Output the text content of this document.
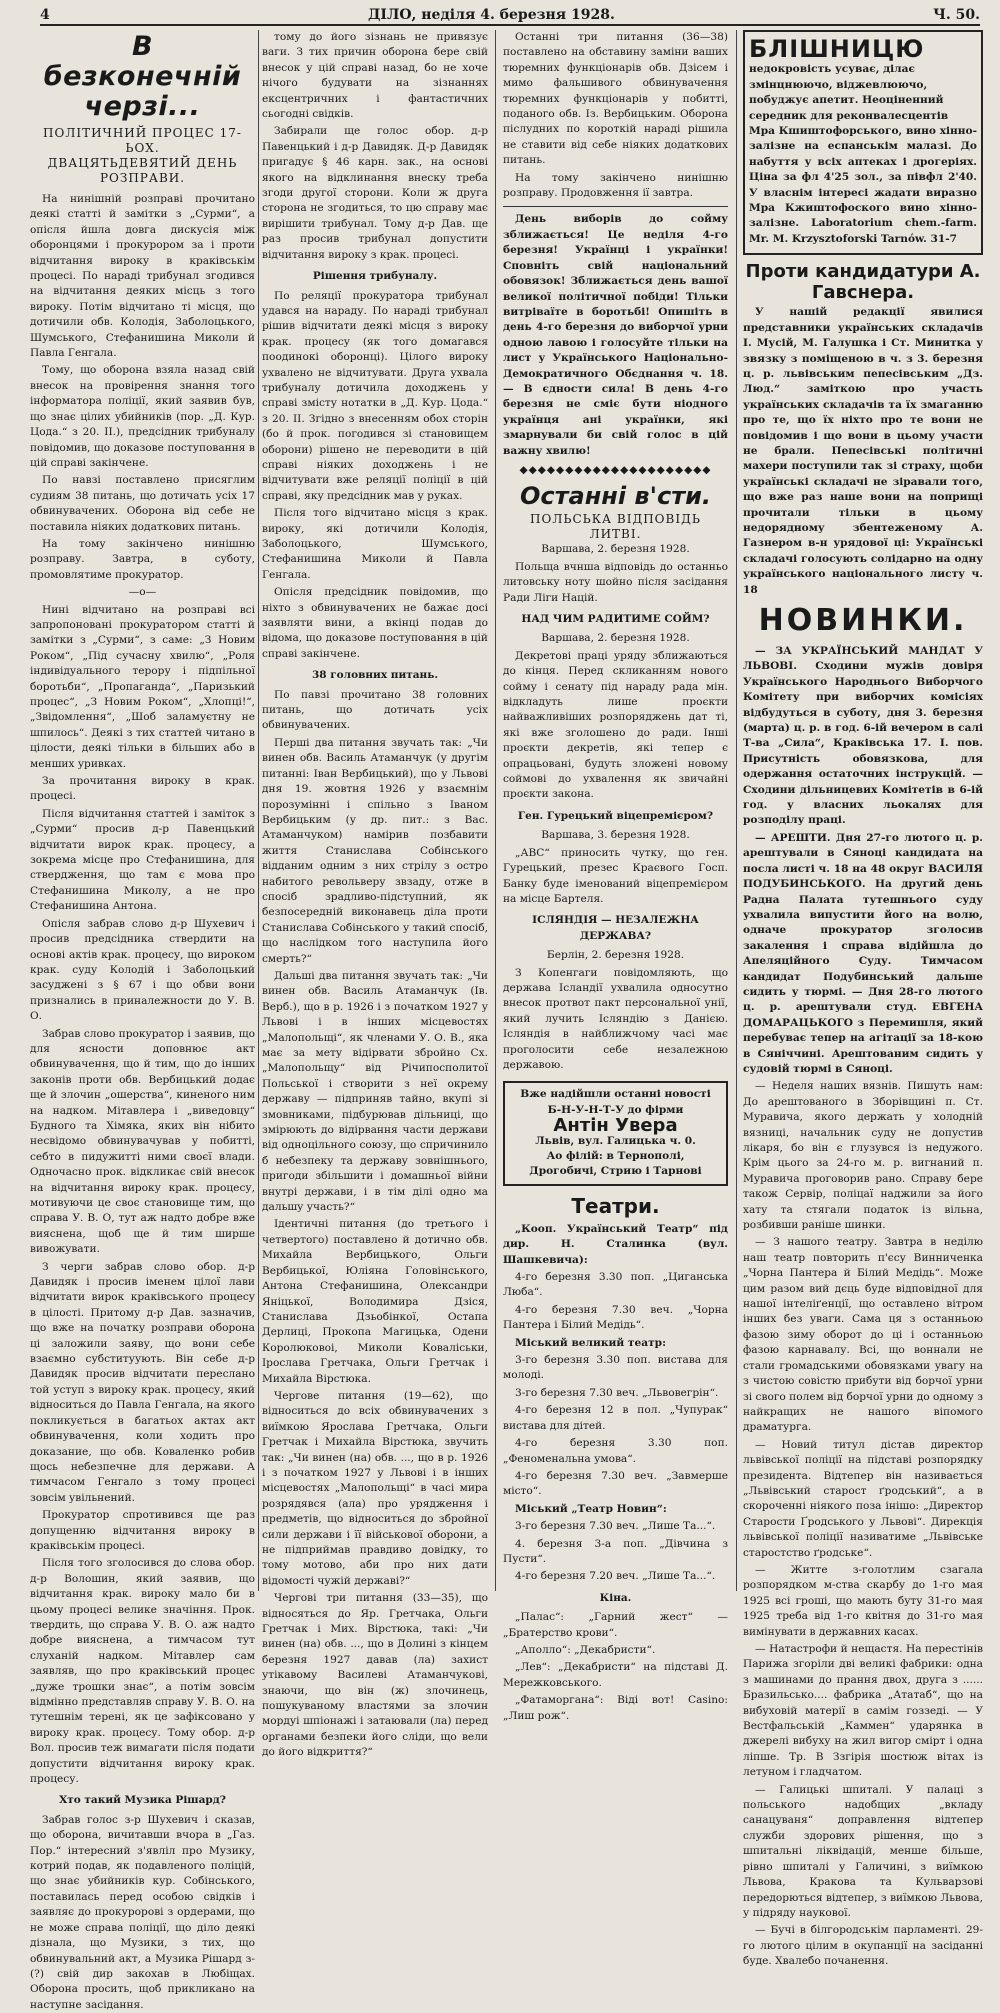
4	ДІЛО, неділя 4. березня 1928.	Ч. 50.
В безконечній черзі...
ПОЛІТИЧНИЙ ПРОЦЕС 17-ЬОХ.
ДВАЦЯТЬДЕВЯТИЙ ДЕНЬ РОЗПРАВИ.

На нинішній розправі прочитано деякі статті й замітки з „Сурми“, а опісля йшла довга дискусія між оборонцями і прокурором за і проти відчитання вироку в краківськім процесі. По нараді трибунал згодився на відчитання деяких місць з того вироку. Потім відчитано ті місця, що дотичили обв. Колодія, Заболоцького, Шумського, Стефанишина Миколи й Павла Генгала.

Тому, що оборона взяла назад свій внесок на провірення знання того інформатора поліції, який заявив був, що знає цілих убийників (пор. „Д. Кур. Цода.“ з 20. II.), предсідник трибуналу повідомив, що доказове поступовання в цій справі закінчене.

По навзі поставлено присяглим судиям 38 питань, що дотичать усіх 17 обвинувачених. Оборона від себе не поставила ніяких додаткових питань.

На тому закінчено нинішню розправу. Завтра, в суботу, промовлятиме прокуратор.

—о—

Нині відчитано на розправі всі запропоновані прокуратором статті й замітки з „Сурми“, з саме: „З Новим Роком“, „Під сучасну хвилю“, „Роля індивідуального терору і підпільної боротьби“, „Пропаганда“, „Паризький процес“, „З Новим Роком“, „Хлопці!“, „Звідомлення“, „Шоб заламуєтну не шпилось“. Деякі з тих статтей читано в цілости, деякі тільки в більших або в менших уривках.

За прочитання вироку в крак. процесі.

Після відчитання статтей і заміток з „Сурми“ просив д-р Павенцький відчитати вирок крак. процесу, а зокрема місце про Стефанишина, для ствердження, що там є мова про Стефанишина Миколу, а не про Стефанишина Антона.

Опісля забрав слово д-р Шухевич і просив предсідника ствердити на основі актів крак. процесу, що вироком крак. суду Колодій і Заболоцький засуджені з § 67 і що обви вони признались в приналежности до У. В. О.

Забрав слово прокуратор і заявив, що для ясности доповнює акт обвинувачення, що й тим, що до інших законів проти обв. Вербицький додає ще й злочин „ошерства“, киненого ним на надком. Мітавлера і „виведовцу“ Будного та Хімяка, яких він нібито несвідомо обвинувачував у побитті, себто в пидужитті ними своєї влади. Одночасно прок. відкликає свій внесок на відчитання вироку крак. процесу, мотивуючи це своє становище тим, що справа У. В. О, тут аж надто добре вже вияснена, щоб ще й тим ширше вивожувати.

З черги забрав слово обор. д-р Давидяк і просив іменем цілої лави відчитати вирок краківського процесу в цілості. Притому д-р Дав. зазначив, що вже на початку розправи оборона ці заложили заяву, що вони себе взаємно субституують. Він себе д-р Давидяк просив відчитати переслано той уступ з вироку крак. процесу, який відноситься до Павла Генгала, на якого покликується в багатьох актах акт обвинувачення, коли ходить про доказание, що обв. Коваленко робив щось небезпечне для держави. А тимчасом Генгало з тому процесі зовсім увільнений.

Прокуратор спротивився ще раз допущенню відчитання вироку в краківськім процесі.

Після того зголосився до слова обор. д-р Волошин, який заявив, що відчитання крак. вироку мало би в цьому процесі велике значіння. Прок. твердить, що справа У. В. О. аж надто добре вияснена, а тимчасом тут слуханій надком. Мітавлер сам заявляв, що про краківський процес „дуже трошки знає“, а потім зовсім відмінно представляв справу У. В. О. на тутешнім терені, як це зафіксовано у вироку крак. процесу. Тому обор. д-р Вол. просив теж вимагати після подати допустити відчитання вироку крак. процесу.

Хто такий Музика Рішард?

Забрав голос з-р Шухевич і сказав, що оборона, вичитавши вчора в „Газ. Пор.“ інтересний з'явліл про Музику, котрий подав, як подавленого поліцій, що знає убийників кур. Собінського, поставилась перед особою свідків і заявляє до прокуророві з ордерами, що не може справа поліції, що діло деякі дізнала, що Музики, з тих, що обвинувальний акт, а Музика Рішард з-(?) свій дир закохав в Любіщах. Оборона просить, щоб прикликано на наступне засідання.

тому до його зізнань не привязує ваги. З тих причин оборона бере свій внесок у цій справі назад, бо не хоче нічого будувати на зізнаннях ексцентричних і фантастичних сьогодні свідків.

Забирали ще голос обор. д-р Павенцький і д-р Давидяк. Д-р Давидяк пригадує § 46 карн. зак., на основі якого на відклинання внеску треба згоди другої сторони. Коли ж друга сторона не згодиться, то цю справу має вирішити трибунал. Тому д-р Дав. ще раз просив трибунал допустити відчитання вироку з крак. процесі.

Рішення трибуналу.

По реляції прокуратора трибунал удався на нараду. По нараді трибунал рішив відчитати деякі місця з вироку крак. процесу (як того домагався поодинокі оборонці). Цілого вироку ухвалено не відчитувати. Друга ухвала трибуналу дотичила доходжень у справі змісту нотатки в „Д. Кур. Цода.“ з 20. II. Згідно з внесенням обох сторін (бо й прок. погодився зі становищем оборони) рішено не переводити в цій справі ніяких доходжень і не відчитувати вже реляції поліції в цій справі, яку предсідник мав у руках.

Після того відчитано місця з крак. вироку, які дотичили Колодія, Заболоцького, Шумського, Стефанишина Миколи й Павла Генгала.

Опісля предсідник повідомив, що ніхто з обвинувачених не бажає досі заявляти вини, а вкінці подав до відома, що доказове поступовання в цій справі закінчене.

38 головних питань.

По павзі прочитано 38 головних питань, що дотичать усіх обвинувачених.

Перші два питання звучать так: „Чи винен обв. Василь Атаманчук (у другім питанні: Іван Вербицький), що у Львові дня 19. жовтня 1926 у взаємнім порозумінні і спільно з Іваном Вербицьким (у др. пит.: з Вас. Атаманчуком) намірив позбавити життя Станислава Собінського відданим одним з них стрілу з остро набитого револьверу звзаду, отже в спосіб зрадливо-підступний, як безпосередній виконавець діла проти Станислава Собінського у такий спосіб, що наслідком того наступила його смерть?“

Дальші два питання звучать так: „Чи винен обв. Василь Атаманчук (Ів. Верб.), що в р. 1926 і з початком 1927 у Львові і в інших місцевостях „Малопольщі“, як членами У. О. В., яка має за мету відірвати збройно Сх. „Малопольщу“ від Річипосполитої Польської і створити з неї окрему державу — підприняв тайно, вкупі зі змовниками, підбурював дільниці, що змірюють до відірвання части держави від одноцільного союзу, що спричинило б небезпеку та державу зовнішнього, пригоди збільшити і домашньої війни внутрі держави, і в тім ділі одно ма дальшу участь?“

Ідентичні питання (до третього і четвертого) поставлено й дотично обв. Михайла Вербицького, Ольги Вербицької, Юліяна Головінського, Антона Стефанишина, Олександри Яніцької, Володимира Дзіся, Станислава Дзьобінкої, Остапа Дерлиці, Прокопа Магицька, Одени Королюковоі, Миколи Коваліськи, Ірослава Гретчака, Ольги Гретчак і Михайла Вірстюка.

Чергове питання (19—62), що відноситься до всіх обвинувачених з виїмкою Ярослава Гретчака, Ольги Гретчак і Михайла Вірстюка, звучить так: „Чи винен (на) обв. ..., що в р. 1926 і з початком 1927 у Львові і в інших місцевостях „Малопольщі“ в часі мира розрядявся (ала) про урядження і предметів, що відноситься до збройної сили держави і її військової оборони, а не підприймав правдиво довідку, то тому мотово, аби про них дати відомості чужій державі?“

Чергові три питання (33—35), що відносяться до Яр. Гретчака, Ольги Гретчак і Мих. Вірстюка, такі: „Чи винен (на) обв. ..., що в Долині з кінцем березня 1927 давав (ла) захист утікавому Василеві Атаманчукові, знаючи, що він (ж) злочинець, пошукуваному властями за злочин мордуі шпіонажі і затаювали (ла) перед органами безпеки його сліди, що вели до його відкриття?“

Останні три питання (36—38) поставлено на обставину заміни ваших тюремних функціонарів обв. Дзісем і мимо фальшивого обвинувачення тюремних функціонарів у побитті, поданого обв. Із. Вербицьким. Оборона післудних по короткій нараді рішила не ставити від себе ніяких додаткових питань.

На тому закінчено нинішню розправу. Продовження ії завтра.

День виборів до сойму зближається! Це неділя 4-го березня! Українці і українки! Сповніть свій національний обовязок! Зближається день вашої великої політичної побіди! Тільки витріваїте в боротьбі! Опишіть в день 4-го березня до виборчої урни одною лавою і голосуйте тільки на лист у Українського Національно-Демократичного Обєднання ч. 18. — В єдности сила! В день 4-го березня не сміє бути ніодного українця ані українки, які змарнували би свій голос в цій важну хвилю!

◆◆◆◆◆◆◆◆◆◆◆◆◆◆◆◆◆◆◆◆◆
Останні в'сти.
ПОЛЬСЬКА ВІДПОВІДЬ ЛИТВІ.

Варшава, 2. березня 1928.

Польща вчнша відповідь до останньо литовську ноту шойно після засідання Ради Ліги Націй.

НАД ЧИМ РАДИТИМЕ СОЙМ?

Варшава, 2. березня 1928.

Декретові праці уряду зближаються до кінця. Перед скликанням нового сойму і сенату під нараду рада мін. відкладуть лише проєкти найважливіших розпоряджень дат ті, які вже зголошено до ради. Інші проєкти декретів, які тепер є опрацьовані, будуть зложені новому соймові до ухвалення як звичайні проєкти закона.

Ген. Гурецький віцепремієром?

Варшава, 3. березня 1928.

„АВС“ приносить чутку, що ген. Гурецький, презес Краєвого Госп. Банку буде іменований віцепремієром на місце Бартеля.

ІСЛЯНДІЯ — НЕЗАЛЕЖНА ДЕРЖАВА?

Берлін, 2. березня 1928.

З Копенгаги повідомляють, що держава Ісландії ухвалила односутно внесок протвот пакт персональної унії, який лучить Ісляндію з Данією. Ісляндія в найближчому часі має проголосити себе незалежною державою.

Вже надійшли останні новості
Б-Н-У-Н-Т-У до фірми
Антін Увера
Львів, вул. Галицька ч. 0.
Ао філій: в Тернополі, Дрогобичі, Стрию і Тарнові
Театри.

„Кооп. Український Театр“ під дир. Н. Сталинка (вул. Шашкевича):

4-го березня 3.30 поп. „Циганська Люба“.

4-го березня 7.30 веч. „Чорна Пантера і Білий Медідь“.

Міський великий театр:

3-го березня 3.30 поп. вистава для молоді.

3-го березня 7.30 веч. „Львовегрін“.

4-го березня 12 в пол. „Чупурак“ вистава для дітей.

4-го березня 3.30 поп. „Феноменальна умова“.

4-го березня 7.30 веч. „Завмерше місто“.

Міський „Театр Новин“:

3-го березня 7.30 веч. „Лише Та...“.

4. березня 3-а поп. „Дівчина з Пусти“.

4-го березня 7.20 веч. „Лише Та...“.

Кіна.

„Палас“: „Гарний жест“ — „Братерство крови“.

„Аполло“: „Декабристи“.

„Лев“: „Декабристи“ на підставі Д. Мережковського.

„Фатаморгана“: Віді вот! Casino: „Лиш рож“.

БЛІШНИЦЮ недокровість усуває, ділає змінцнюючо, віджевлюючо, побуджує апетит. Неоціненний середник для реконвалесцентів

Мра Кшиштофорського, вино хінно-залізне на еспанськім малазі. До набуття у всіх аптеках і дрогеріях. Ціна за фл 4'25 зол., за півфл 2'40. У власнім інтересі жадати виразно Мра Кжиштофоского вино хінно-залізне. Laboratorium chem.-farm. Mr. M. Krzysztoforski Tarnów. 31-7

Проти кандидатури А. Гавснера.

У нашій редакції явилися представники українських складачів І. Мусій, М. Галушка і Ст. Минитка у звязку з поміщеною в ч. з 3. березня ц. р. львівським пепесівським „Дз. Люд.“ заміткою про участь українських складачів та їх змаганню про те, що їх ніхто про те вони не повідомив і що вони в цьому участи не брали. Пепесівські політичні махери поступили так зі страху, щоби українські складачі не зіравали того, що вже раз наше вони на поприщі прочитали тільки в цьому недорядному збентеженому А. Газнером в-н урядової ці: Українські складачі голосують солідарно на одну українського національного листу ч. 18

НОВИНКИ.

— ЗА УКРАЇНСЬКИЙ МАНДАТ У ЛЬВОВІ. Сходини мужів довіря Українського Народнього Виборчого Комітету при виборчих комісіях відбудуться в суботу, дня 3. березня (марта) ц. р. в год. 6-ій вечером в салі Т-ва „Сила“, Краківська 17. І. пов. Присутність обовязкова, для одержання остаточних інструкцій. — Сходини дільницевих Комітетів в 6-ій год. у власних льокалях для розподілу праці.

— АРЕШТИ. Дня 27-го лютого ц. р. арештували в Сяноці кандидата на посла листі ч. 18 на 48 округ ВАСИЛЯ ПОДУБИНСЬКОГО. На другий день Радна Палата тутешнього суду ухвалила випустити його на волю, одначе прокуратор зголосив закалення і справа відійшла до Апеляційного Суду. Тимчасом кандидат Подубинський дальше сидить у тюрмі. — Дня 28-го лютого ц. р. арештували студ. ЕВГЕНА ДОМАРАЦЬКОГО з Перемишля, який перебуває тепер на агітації за 18-кою в Сяніччині. Арештованим сидить у судовій тюрмі в Сяноці.

— Неделя наших вязнів. Пишуть нам: До арештованого в Зборівщині п. Ст. Муравича, якого держать у холодній вязниці, начальник суду не допустив лікаря, бо він є глузувся із недужого. Крім цього за 24-го м. р. вигнаний п. Муравича проговорив рано. Справу бере також Сервір, поліцаї наджили за його хату та стягали податок із вільна, розбивши раніше шинки.

— З нашого театру. Завтра в неділю наш театр повторить п'єсу Винниченка „Чорна Пантера й Білий Медідь“. Може цим разом вий дєць буде відповідної для нашої інтеліґенції, що оставлено вітром інших без уваги. Сама ця з останньою фазою зиму оборот до ці і останньою фазою карнавалу. Всі, що воннали не стали громадськими обовязками увагу на з чистою совістю прибути від борчої урни зі свого полем від борчої урни до одному з найкращих не нашого віпомого драматурга.

— Новий титул дістав директор львівської поліції на підставі розпорядку президента. Відтепер він називається „Львівський старост ґродський“, а в скороченні ніякого поза інішо: „Директор Старости Ґродського у Львові“. Дирекція львівської поліції називатиме „Львівське старостство ґродське“.

— Житте з-голотлим сзагала розпорядком м-ства скарбу до 1-го мая 1925 всі гроші, що мають буту 31-го мая 1925 треба від 1-го квітня до 31-го мая вимінувати в державних касах.

— Натастрофи й нещастя. На перестінів Парижа згоріли дві великі фабрики: одна з машинами до прання двох, друга з ...... Бразильсько.... фабрика „Ататаб“, що на вибуховій матерії в самім гоззеді. — У Вестфальській „Каммен“ ударянка в джерелі вибуху на жил вигор смірт і одна ліпше. Тр. В Ззгірія шостюж вітах із летуном і гладчатом.

— Галицькі шпиталі. У палаці з польського надобщих „вкладу санацуваня“ доправлення відтепер служби здорових рішення, що з шпитальні ліквідацій, менше більше, рівно шпиталі у Галичині, з виїмкою Львова, Кракова та Кульварзові передорються відтепер, з виїмкою Львова, у підряду наукової.

— Бучі в білгородськім парламенті. 29-го лютого цілим в окупанції на засіданні буде. Хвалебо почанення.
